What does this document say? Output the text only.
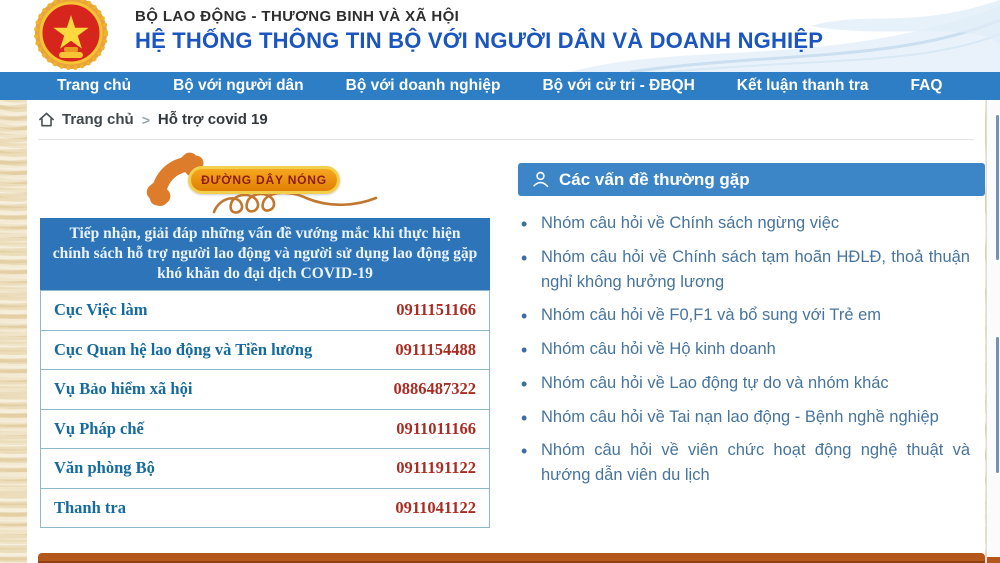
BỘ LAO ĐỘNG - THƯƠNG BINH VÀ XÃ HỘI
HỆ THỐNG THÔNG TIN BỘ VỚI NGƯỜI DÂN VÀ DOANH NGHIỆP
Trang chủ	Bộ với người dân	Bộ với doanh nghiệp	Bộ với cử tri - ĐBQH	Kết luận thanh tra	FAQ
Trang chủ > Hỗ trợ covid 19
ĐƯỜNG DÂY NÓNG
Tiếp nhận, giải đáp những vấn đề vướng mắc khi thực hiện chính sách hỗ trợ người lao động và người sử dụng lao động gặp khó khăn do đại dịch COVID-19
Cục Việc làm	0911151166
Cục Quan hệ lao động và Tiền lương	0911154488
Vụ Bảo hiểm xã hội	0886487322
Vụ Pháp chế	0911011166
Văn phòng Bộ	0911191122
Thanh tra	0911041122
Các vấn đề thường gặp
• Nhóm câu hỏi về Chính sách ngừng việc
• Nhóm câu hỏi về Chính sách tạm hoãn HĐLĐ, thoả thuận nghỉ không hưởng lương
• Nhóm câu hỏi về F0,F1 và bổ sung với Trẻ em
• Nhóm câu hỏi về Hộ kinh doanh
• Nhóm câu hỏi về Lao động tự do và nhóm khác
• Nhóm câu hỏi về Tai nạn lao động - Bệnh nghề nghiệp
• Nhóm câu hỏi về viên chức hoạt động nghệ thuật và hướng dẫn viên du lịch
